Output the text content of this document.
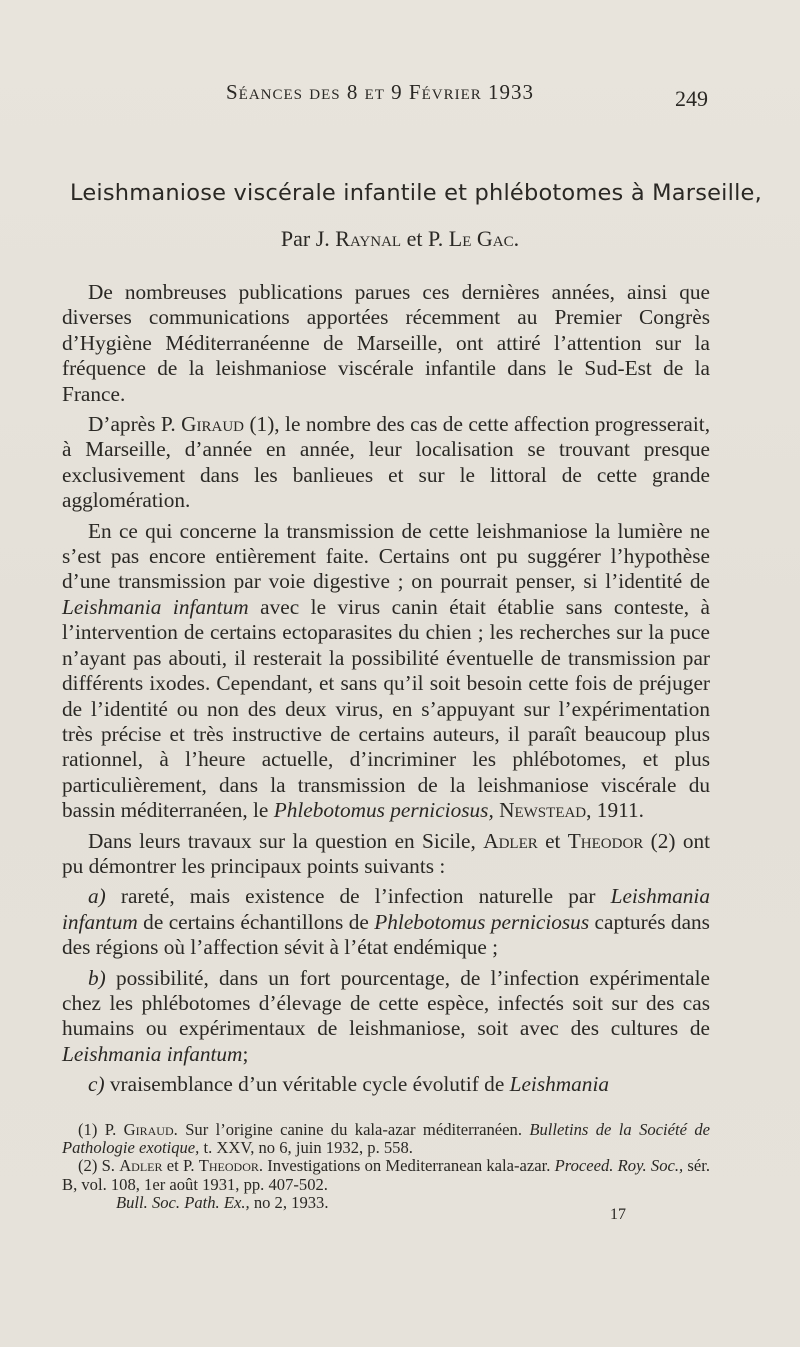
Séances des 8 et 9 Février 1933	249
Leishmaniose viscérale infantile et phlébotomes à Marseille,
Par J. Raynal et P. Le Gac.

De nombreuses publications parues ces dernières années, ainsi que diverses communications apportées récemment au Premier Congrès d’Hygiène Méditerranéenne de Marseille, ont attiré l’attention sur la fréquence de la leishmaniose viscérale infantile dans le Sud-Est de la France.

D’après P. Giraud (1), le nombre des cas de cette affection progresserait, à Marseille, d’année en année, leur localisation se trouvant presque exclusivement dans les banlieues et sur le littoral de cette grande agglomération.

En ce qui concerne la transmission de cette leishmaniose la lumière ne s’est pas encore entièrement faite. Certains ont pu suggérer l’hypothèse d’une transmission par voie digestive ; on pourrait penser, si l’identité de Leishmania infantum avec le virus canin était établie sans conteste, à l’intervention de certains ectoparasites du chien ; les recherches sur la puce n’ayant pas abouti, il resterait la possibilité éventuelle de transmission par différents ixodes. Cependant, et sans qu’il soit besoin cette fois de préjuger de l’identité ou non des deux virus, en s’appuyant sur l’expérimentation très précise et très instructive de certains auteurs, il paraît beaucoup plus rationnel, à l’heure actuelle, d’incriminer les phlébotomes, et plus particulièrement, dans la transmission de la leishmaniose viscérale du bassin méditerranéen, le Phlebotomus perniciosus, Newstead, 1911.

Dans leurs travaux sur la question en Sicile, Adler et Theodor (2) ont pu démontrer les principaux points suivants :

a) rareté, mais existence de l’infection naturelle par Leishmania infantum de certains échantillons de Phlebotomus perniciosus capturés dans des régions où l’affection sévit à l’état endémique ;

b) possibilité, dans un fort pourcentage, de l’infection expérimentale chez les phlébotomes d’élevage de cette espèce, infectés soit sur des cas humains ou expérimentaux de leishmaniose, soit avec des cultures de Leishmania infantum;

c) vraisemblance d’un véritable cycle évolutif de Leishmania

(1) P. Giraud. Sur l’origine canine du kala-azar méditerranéen. Bulletins de la Société de Pathologie exotique, t. XXV, no 6, juin 1932, p. 558.

(2) S. Adler et P. Theodor. Investigations on Mediterranean kala-azar. Proceed. Roy. Soc., sér. B, vol. 108, 1er août 1931, pp. 407-502.

Bull. Soc. Path. Ex., no 2, 1933.

17
